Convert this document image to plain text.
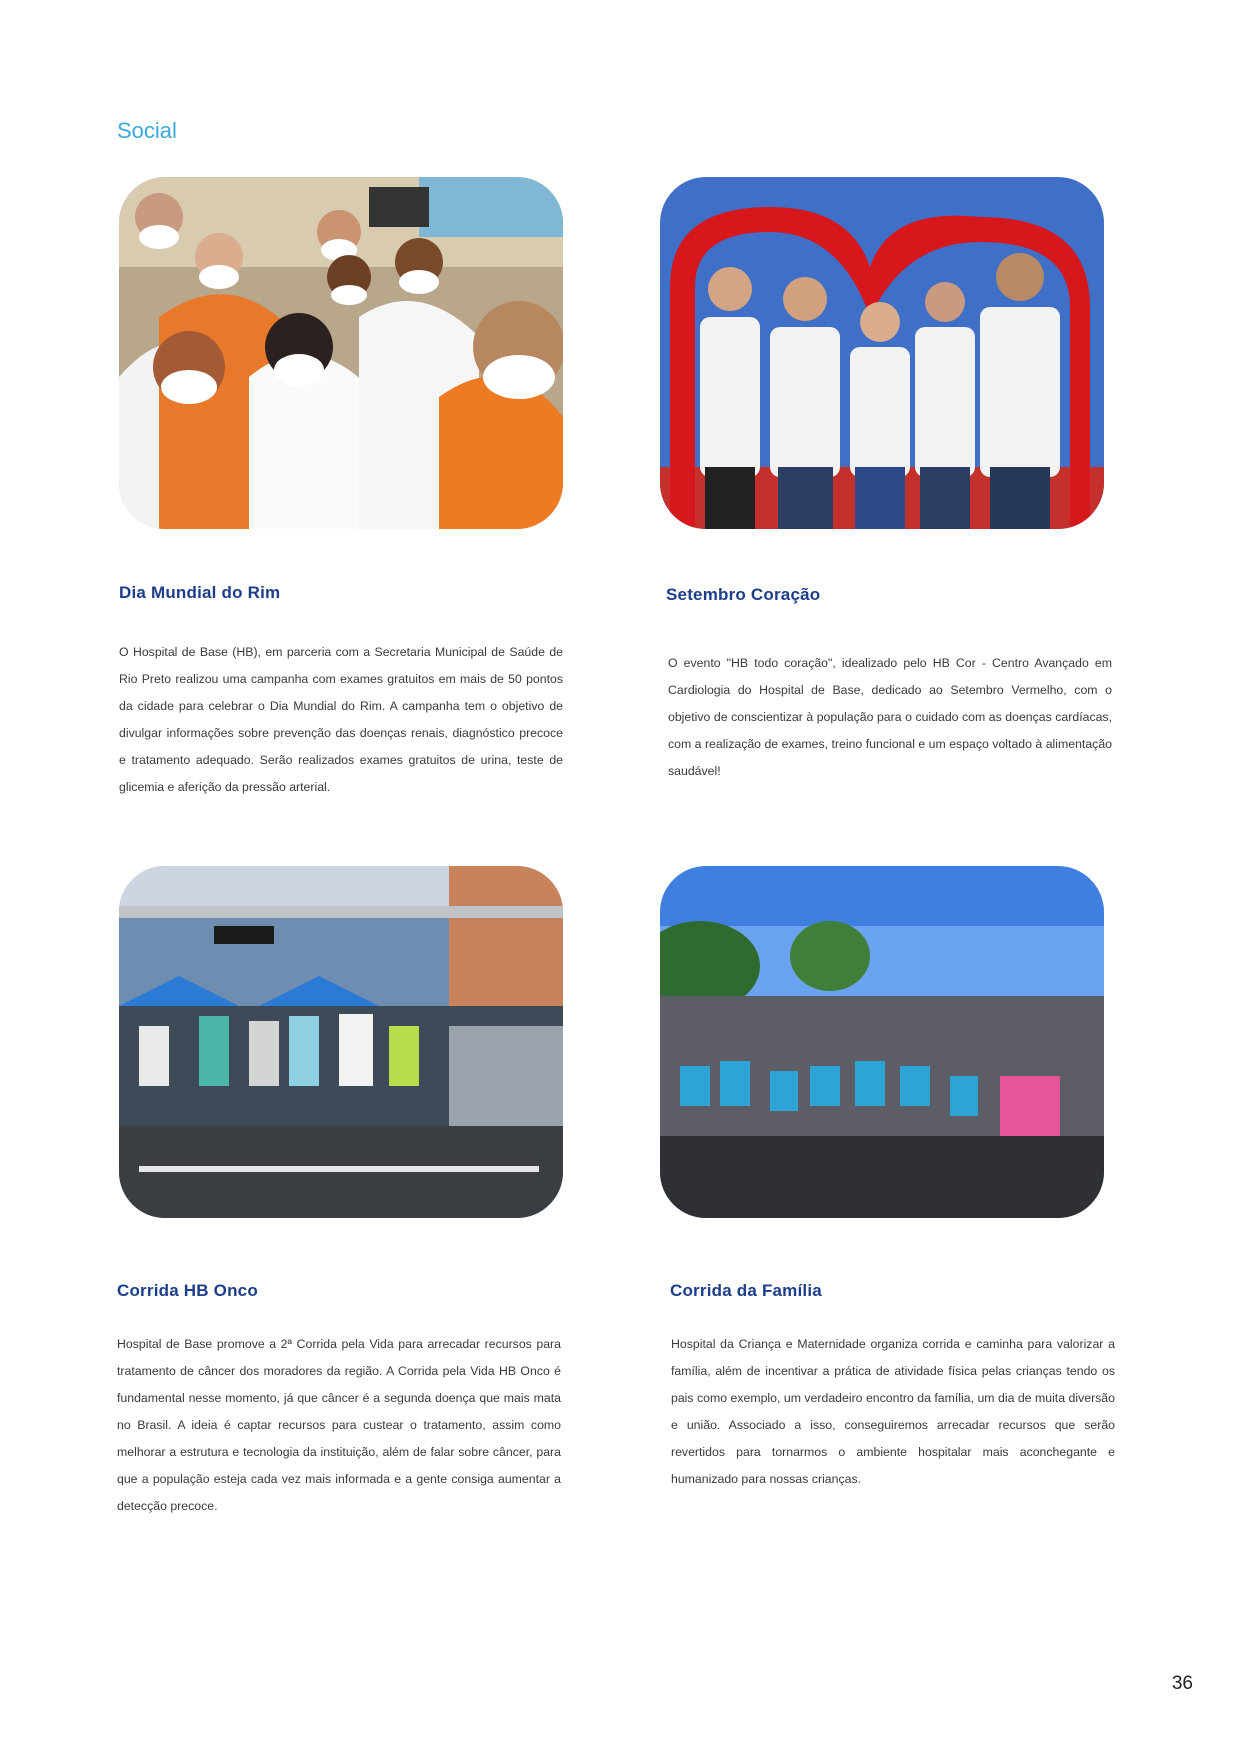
Social
Dia Mundial do Rim

O Hospital de Base (HB), em parceria com a Secretaria Municipal de Saúde de Rio Preto realizou uma campanha com exames gratuitos em mais de 50 pontos da cidade para celebrar o Dia Mundial do Rim. A campanha tem o objetivo de divulgar informações sobre prevenção das doenças renais, diagnóstico precoce e tratamento adequado. Serão realizados exames gratuitos de urina, teste de glicemia e aferição da pressão arterial.

Setembro Coração

O evento "HB todo coração", idealizado pelo HB Cor - Centro Avançado em Cardiologia do Hospital de Base, dedicado ao Setembro Vermelho, com o objetivo de conscientizar à população para o cuidado com as doenças cardíacas, com a realização de exames, treino funcional e um espaço voltado à alimentação saudável!

Corrida HB Onco

Hospital de Base promove a 2ª Corrida pela Vida para arrecadar recursos para tratamento de câncer dos moradores da região. A Corrida pela Vida HB Onco é fundamental nesse momento, já que câncer é a segunda doença que mais mata no Brasil. A ideia é captar recursos para custear o tratamento, assim como melhorar a estrutura e tecnologia da instituição, além de falar sobre câncer, para que a população esteja cada vez mais informada e a gente consiga aumentar a detecção precoce.

Corrida da Família

Hospital da Criança e Maternidade organiza corrida e caminha para valorizar a família, além de incentivar a prática de atividade física pelas crianças tendo os pais como exemplo, um verdadeiro encontro da família, um dia de muita diversão e união. Associado a isso, conseguiremos arrecadar recursos que serão revertidos para tornarmos o ambiente hospitalar mais aconchegante e humanizado para nossas crianças.

36
